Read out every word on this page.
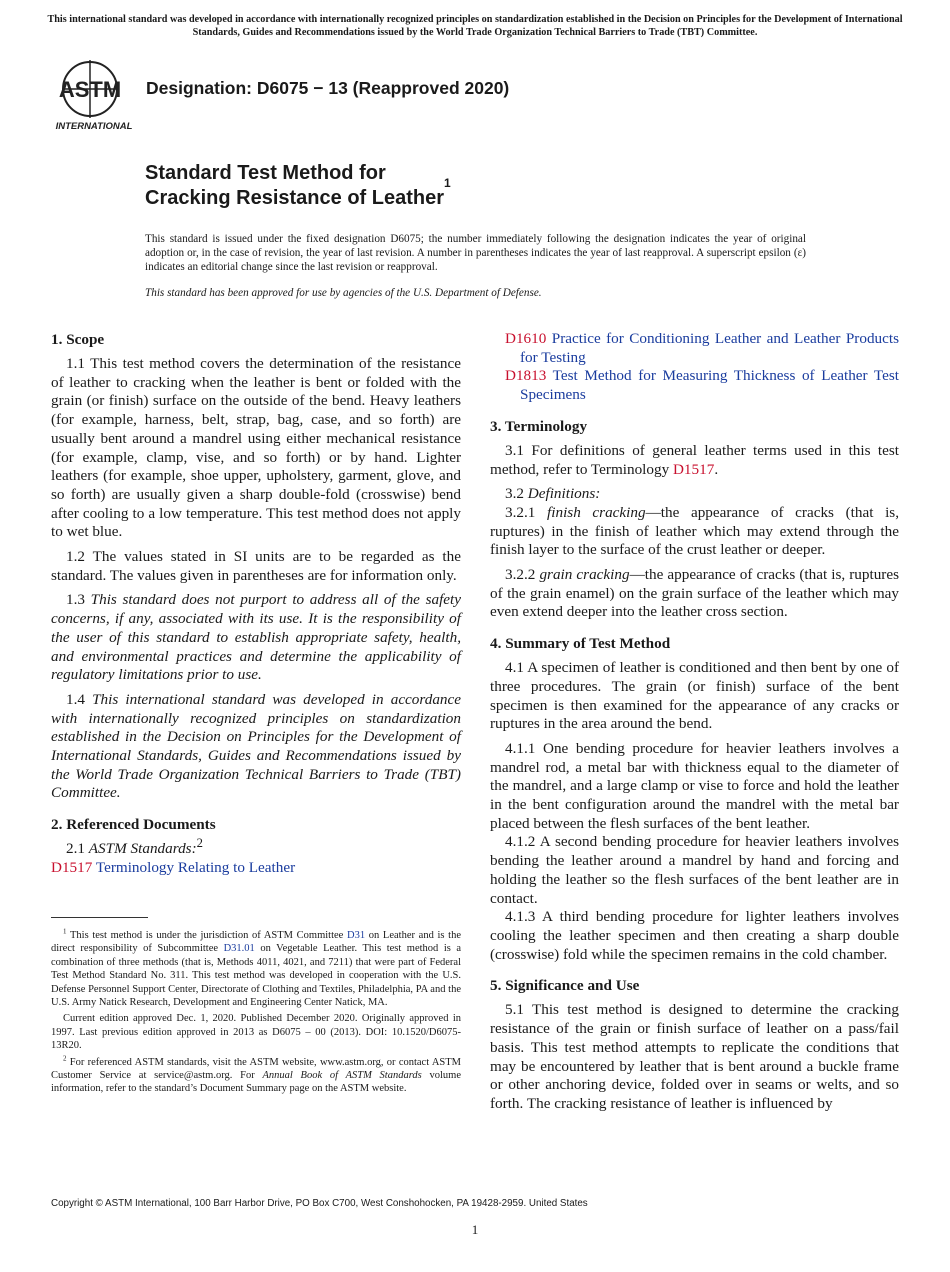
This international standard was developed in accordance with internationally recognized principles on standardization established in the Decision on Principles for the Development of International Standards, Guides and Recommendations issued by the World Trade Organization Technical Barriers to Trade (TBT) Committee.
ASTM
INTERNATIONAL
Designation: D6075 − 13 (Reapproved 2020)
Standard Test Method for
Cracking Resistance of Leather$^1$
This standard is issued under the fixed designation D6075; the number immediately following the designation indicates the year of original adoption or, in the case of revision, the year of last revision. A number in parentheses indicates the year of last reapproval. A superscript epsilon (ε) indicates an editorial change since the last revision or reapproval.
This standard has been approved for use by agencies of the U.S. Department of Defense.
1. Scope

1.1 This test method covers the determination of the resistance of leather to cracking when the leather is bent or folded with the grain (or finish) surface on the outside of the bend. Heavy leathers (for example, harness, belt, strap, bag, case, and so forth) are usually bent around a mandrel using either mechanical resistance (for example, clamp, vise, and so forth) or by hand. Lighter leathers (for example, shoe upper, upholstery, garment, glove, and so forth) are usually given a sharp double-fold (crosswise) bend after cooling to a low temperature. This test method does not apply to wet blue.

1.2 The values stated in SI units are to be regarded as the standard. The values given in parentheses are for information only.

1.3 This standard does not purport to address all of the safety concerns, if any, associated with its use. It is the responsibility of the user of this standard to establish appropriate safety, health, and environmental practices and determine the applicability of regulatory limitations prior to use.

1.4 This international standard was developed in accordance with internationally recognized principles on standardization established in the Decision on Principles for the Development of International Standards, Guides and Recommendations issued by the World Trade Organization Technical Barriers to Trade (TBT) Committee.

2. Referenced Documents

2.1 ASTM Standards:$^2$

D1517 Terminology Relating to Leather

$^1$ This test method is under the jurisdiction of ASTM Committee D31 on Leather and is the direct responsibility of Subcommittee D31.01 on Vegetable Leather. This test method is a combination of three methods (that is, Methods 4011, 4021, and 7211) that were part of Federal Test Method Standard No. 311. This test method was developed in cooperation with the U.S. Defense Personnel Support Center, Directorate of Clothing and Textiles, Philadelphia, PA and the U.S. Army Natick Research, Development and Engineering Center Natick, MA.

Current edition approved Dec. 1, 2020. Published December 2020. Originally approved in 1997. Last previous edition approved in 2013 as D6075 – 00 (2013). DOI: 10.1520/D6075-13R20.

$^2$ For referenced ASTM standards, visit the ASTM website, www.astm.org, or contact ASTM Customer Service at service@astm.org. For Annual Book of ASTM Standards volume information, refer to the standard’s Document Summary page on the ASTM website.

D1610 Practice for Conditioning Leather and Leather Products for Testing
D1813 Test Method for Measuring Thickness of Leather Test Specimens
3. Terminology

3.1 For definitions of general leather terms used in this test method, refer to Terminology D1517.

3.2 Definitions:

3.2.1 finish cracking—the appearance of cracks (that is, ruptures) in the finish of leather which may extend through the finish layer to the surface of the crust leather or deeper.

3.2.2 grain cracking—the appearance of cracks (that is, ruptures of the grain enamel) on the grain surface of the leather which may even extend deeper into the leather cross section.

4. Summary of Test Method

4.1 A specimen of leather is conditioned and then bent by one of three procedures. The grain (or finish) surface of the bent specimen is then examined for the appearance of any cracks or ruptures in the area around the bend.

4.1.1 One bending procedure for heavier leathers involves a mandrel rod, a metal bar with thickness equal to the diameter of the mandrel, and a large clamp or vise to force and hold the leather in the bent configuration around the mandrel with the metal bar placed between the flesh surfaces of the bent leather.

4.1.2 A second bending procedure for heavier leathers involves bending the leather around a mandrel by hand and forcing and holding the leather so the flesh surfaces of the bent leather are in contact.

4.1.3 A third bending procedure for lighter leathers involves cooling the leather specimen and then creating a sharp double (crosswise) fold while the specimen remains in the cold chamber.

5. Significance and Use

5.1 This test method is designed to determine the cracking resistance of the grain or finish surface of leather on a pass/fail basis. This test method attempts to replicate the conditions that may be encountered by leather that is bent around a buckle frame or other anchoring device, folded over in seams or welts, and so forth. The cracking resistance of leather is influenced by

Copyright © ASTM International, 100 Barr Harbor Drive, PO Box C700, West Conshohocken, PA 19428-2959. United States
1
